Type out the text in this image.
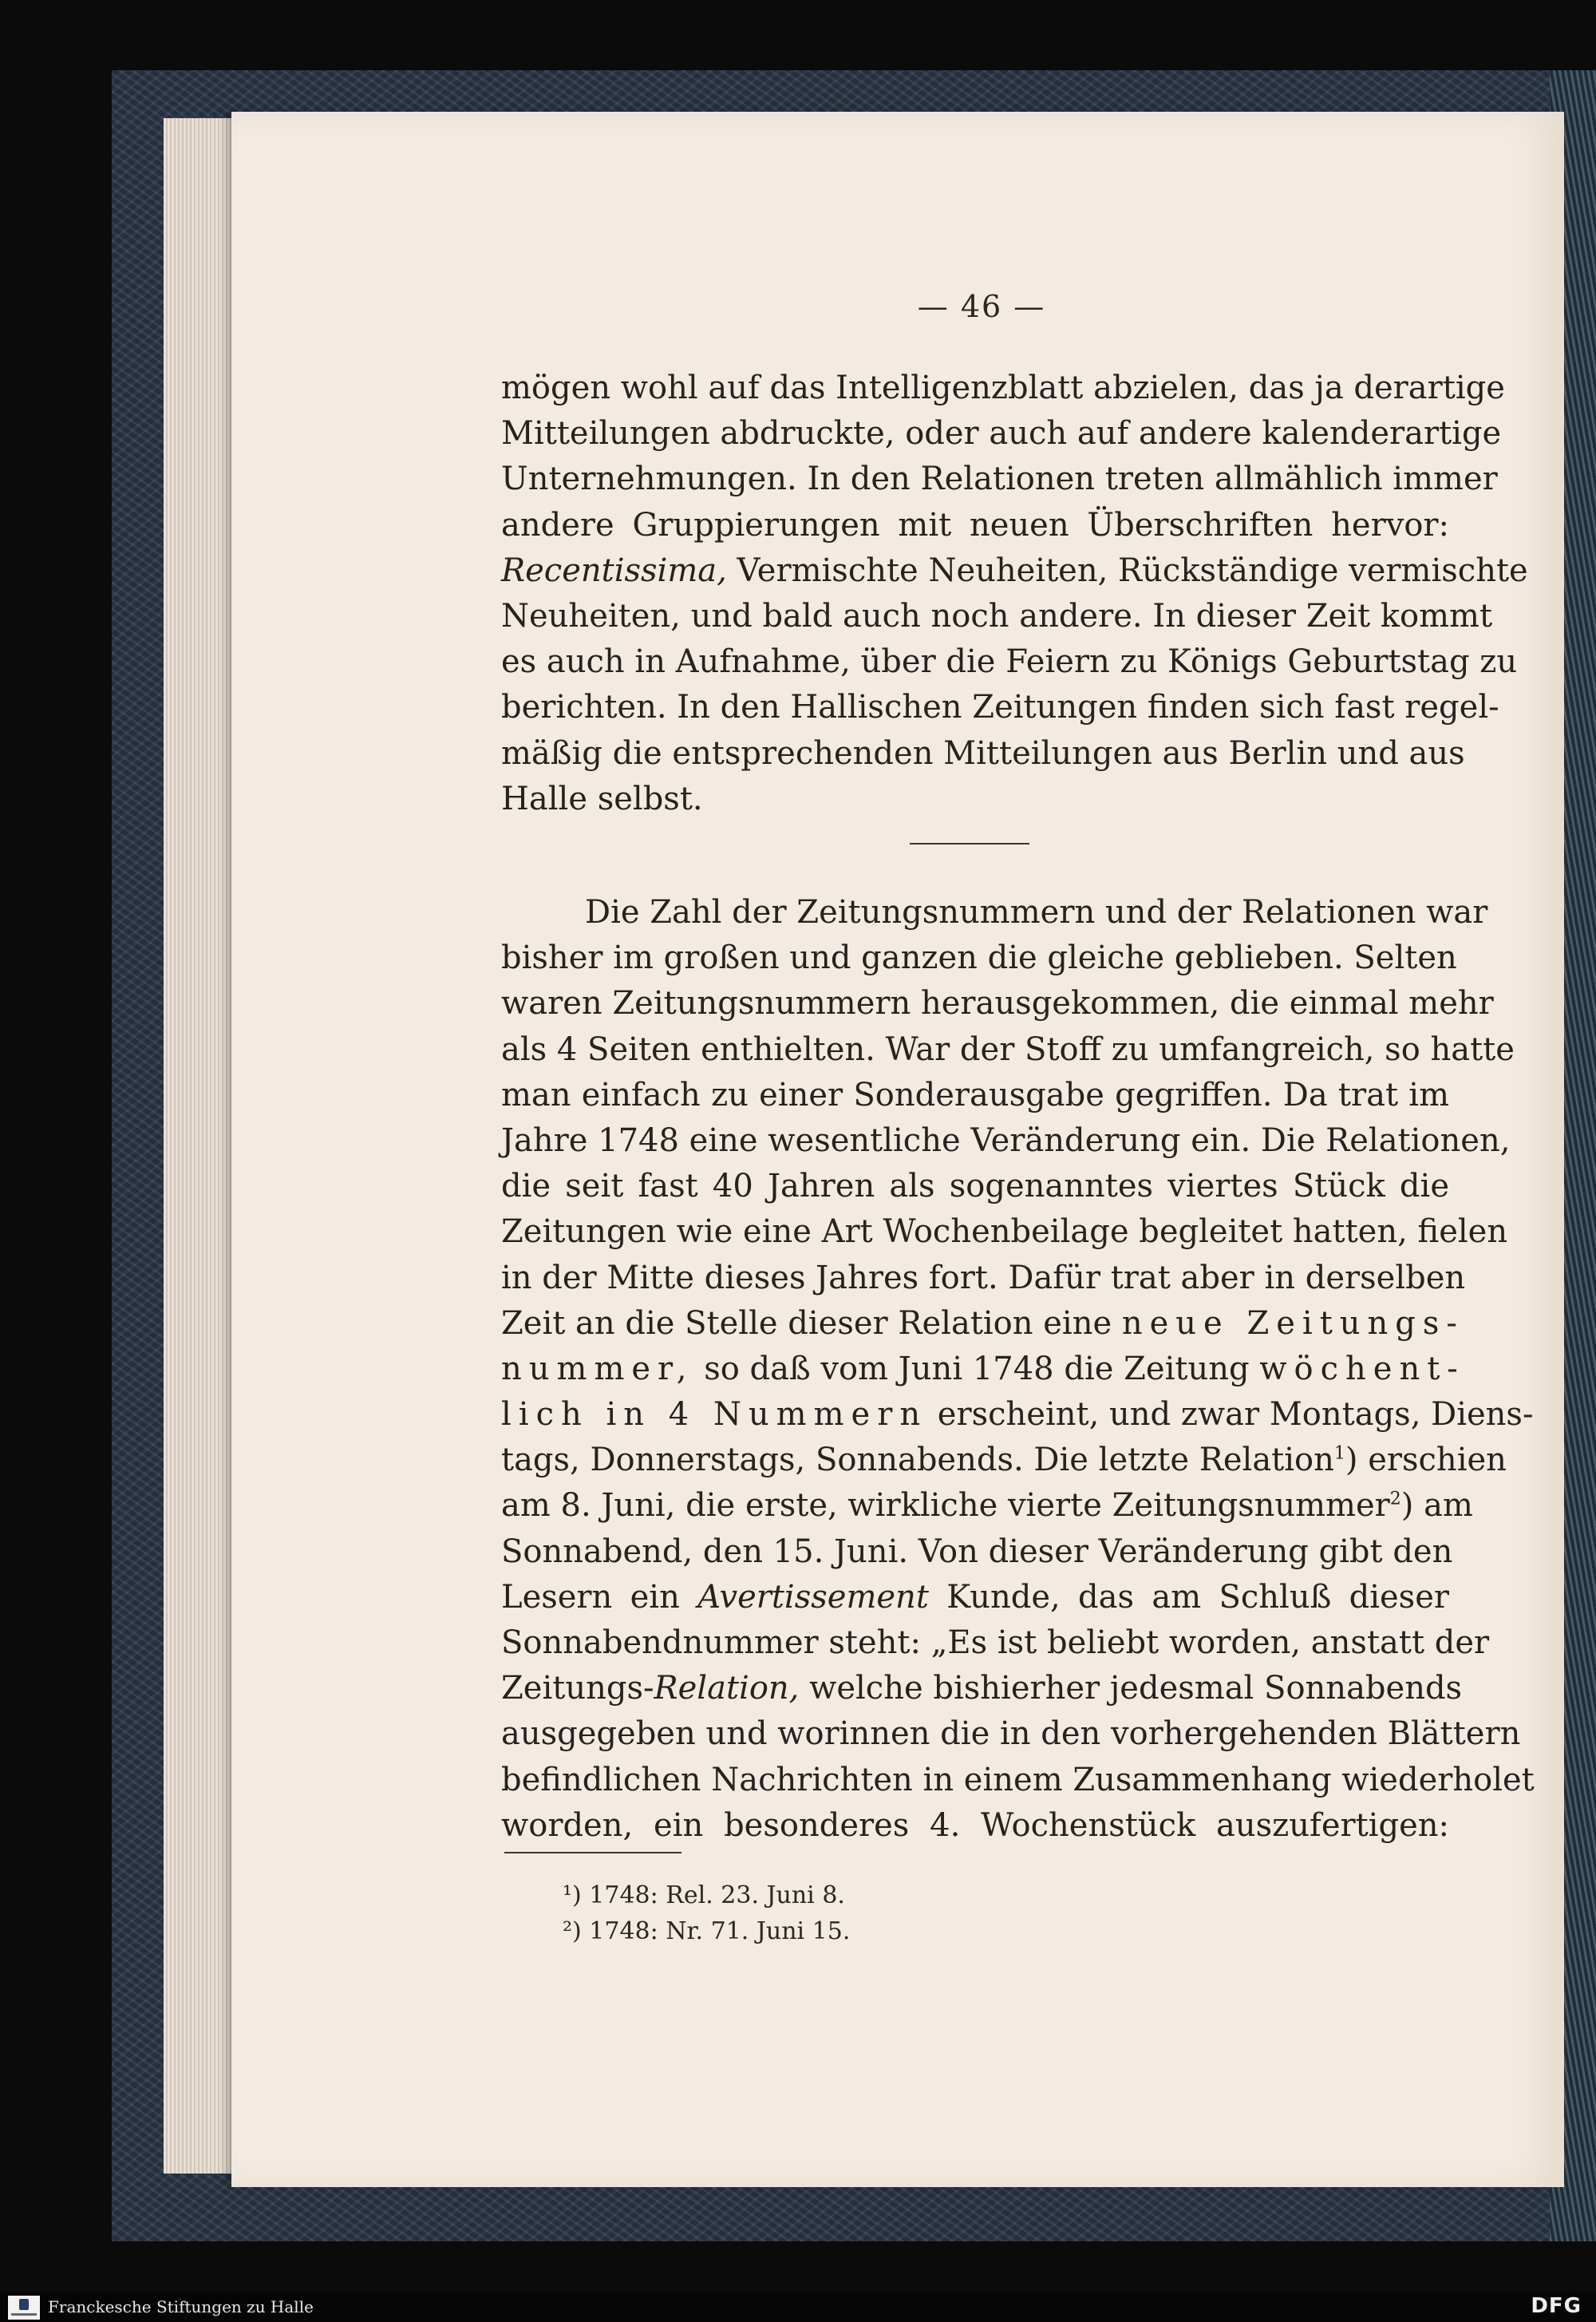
— 46 —
mögen wohl auf das Intelligenzblatt abzielen, das ja derartige
Mitteilungen abdruckte, oder auch auf andere kalenderartige
Unternehmungen. In den Relationen treten allmählich immer
andere Gruppierungen mit neuen Überschriften hervor:
Recentissima, Vermischte Neuheiten, Rückständige vermischte
Neuheiten, und bald auch noch andere. In dieser Zeit kommt
es auch in Aufnahme, über die Feiern zu Königs Geburtstag zu
berichten. In den Hallischen Zeitungen finden sich fast regel-
mäßig die entsprechenden Mitteilungen aus Berlin und aus
Halle selbst.
Die Zahl der Zeitungsnummern und der Relationen war
bisher im großen und ganzen die gleiche geblieben. Selten
waren Zeitungsnummern herausgekommen, die einmal mehr
als 4 Seiten enthielten. War der Stoff zu umfangreich, so hatte
man einfach zu einer Sonderausgabe gegriffen. Da trat im
Jahre 1748 eine wesentliche Veränderung ein. Die Relationen,
die seit fast 40 Jahren als sogenanntes viertes Stück die
Zeitungen wie eine Art Wochenbeilage begleitet hatten, fielen
in der Mitte dieses Jahres fort. Dafür trat aber in derselben
Zeit an die Stelle dieser Relation eine neue Zeitungs-
nummer, so daß vom Juni 1748 die Zeitung wöchent-
lich in 4 Nummern erscheint, und zwar Montags, Diens-
tags, Donnerstags, Sonnabends. Die letzte Relation$^1$) erschien
am 8. Juni, die erste, wirkliche vierte Zeitungsnummer$^2$) am
Sonnabend, den 15. Juni. Von dieser Veränderung gibt den
Lesern ein Avertissement Kunde, das am Schluß dieser
Sonnabendnummer steht: „Es ist beliebt worden, anstatt der
Zeitungs-Relation, welche bishierher jedesmal Sonnabends
ausgegeben und worinnen die in den vorhergehenden Blättern
befindlichen Nachrichten in einem Zusammenhang wiederholet
worden, ein besonderes 4. Wochenstück auszufertigen:
¹) 1748: Rel. 23. Juni 8.
²) 1748: Nr. 71. Juni 15.
Franckesche Stiftungen zu Halle	DFG
